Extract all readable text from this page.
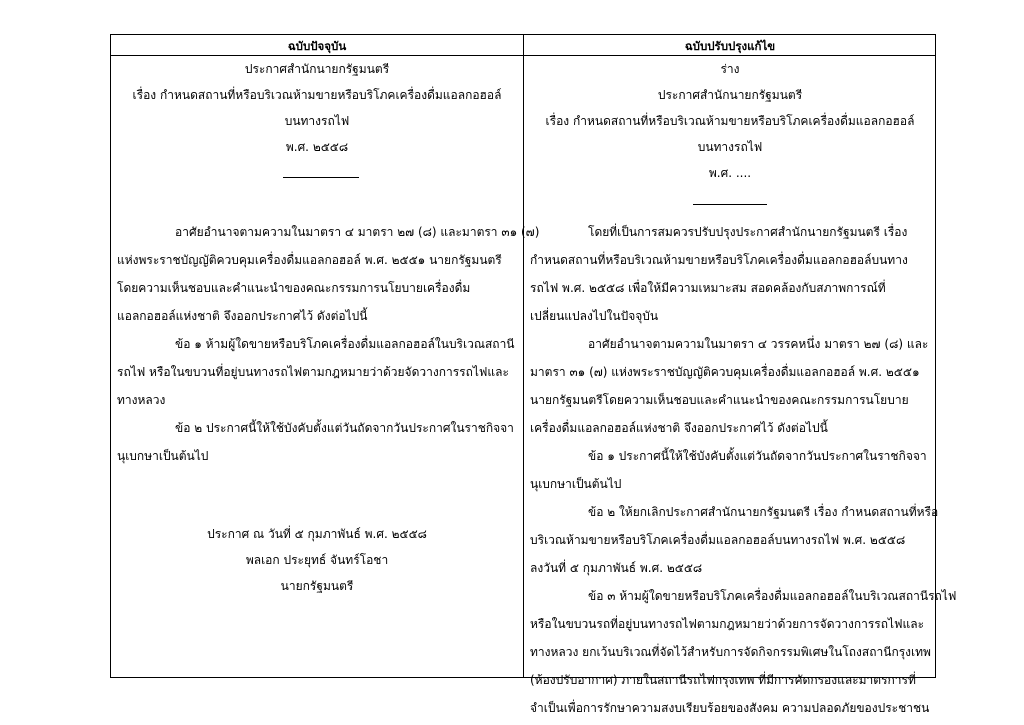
ฉบับปัจจุบัน	ฉบับปรับปรุงแก้ไข
ประกาศสำนักนายกรัฐมนตรี
เรื่อง กำหนดสถานที่หรือบริเวณห้ามขายหรือบริโภคเครื่องดื่มแอลกอฮอล์
บนทางรถไฟ
พ.ศ. ๒๕๕๘
อาศัยอำนาจตามความในมาตรา ๔ มาตรา ๒๗ (๘) และมาตรา ๓๑ (๗)
แห่งพระราชบัญญัติควบคุมเครื่องดื่มแอลกอฮอล์ พ.ศ. ๒๕๕๑ นายกรัฐมนตรี
โดยความเห็นชอบและคำแนะนำของคณะกรรมการนโยบายเครื่องดื่ม
แอลกอฮอล์แห่งชาติ จึงออกประกาศไว้ ดังต่อไปนี้
ข้อ ๑ ห้ามผู้ใดขายหรือบริโภคเครื่องดื่มแอลกอฮอล์ในบริเวณสถานี
รถไฟ หรือในขบวนที่อยู่บนทางรถไฟตามกฎหมายว่าด้วยจัดวางการรถไฟและ
ทางหลวง
ข้อ ๒ ประกาศนี้ให้ใช้บังคับตั้งแต่วันถัดจากวันประกาศในราชกิจจา
นุเบกษาเป็นต้นไป
ประกาศ ณ วันที่ ๕ กุมภาพันธ์ พ.ศ. ๒๕๕๘
พลเอก ประยุทธ์ จันทร์โอชา
นายกรัฐมนตรี
ร่าง
ประกาศสำนักนายกรัฐมนตรี
เรื่อง กำหนดสถานที่หรือบริเวณห้ามขายหรือบริโภคเครื่องดื่มแอลกอฮอล์
บนทางรถไฟ
พ.ศ. ....
โดยที่เป็นการสมควรปรับปรุงประกาศสำนักนายกรัฐมนตรี เรื่อง
กำหนดสถานที่หรือบริเวณห้ามขายหรือบริโภคเครื่องดื่มแอลกอฮอล์บนทาง
รถไฟ พ.ศ. ๒๕๕๘ เพื่อให้มีความเหมาะสม สอดคล้องกับสภาพการณ์ที่
เปลี่ยนแปลงไปในปัจจุบัน
อาศัยอำนาจตามความในมาตรา ๔ วรรคหนึ่ง มาตรา ๒๗ (๘) และ
มาตรา ๓๑ (๗) แห่งพระราชบัญญัติควบคุมเครื่องดื่มแอลกอฮอล์ พ.ศ. ๒๕๕๑
นายกรัฐมนตรีโดยความเห็นชอบและคำแนะนำของคณะกรรมการนโยบาย
เครื่องดื่มแอลกอฮอล์แห่งชาติ จึงออกประกาศไว้ ดังต่อไปนี้
ข้อ ๑ ประกาศนี้ให้ใช้บังคับตั้งแต่วันถัดจากวันประกาศในราชกิจจา
นุเบกษาเป็นต้นไป
ข้อ ๒ ให้ยกเลิกประกาศสำนักนายกรัฐมนตรี เรื่อง กำหนดสถานที่หรือ
บริเวณห้ามขายหรือบริโภคเครื่องดื่มแอลกอฮอล์บนทางรถไฟ พ.ศ. ๒๕๕๘
ลงวันที่ ๕ กุมภาพันธ์ พ.ศ. ๒๕๕๘
ข้อ ๓ ห้ามผู้ใดขายหรือบริโภคเครื่องดื่มแอลกอฮอล์ในบริเวณสถานีรถไฟ
หรือในขบวนรถที่อยู่บนทางรถไฟตามกฎหมายว่าด้วยการจัดวางการรถไฟและ
ทางหลวง ยกเว้นบริเวณที่จัดไว้สำหรับการจัดกิจกรรมพิเศษในโถงสถานีกรุงเทพ
(ห้องปรับอากาศ) ภายในสถานีรถไฟกรุงเทพ ที่มีการคัดกรองและมาตรการที่
จำเป็นเพื่อการรักษาความสงบเรียบร้อยของสังคม ความปลอดภัยของประชาชน
